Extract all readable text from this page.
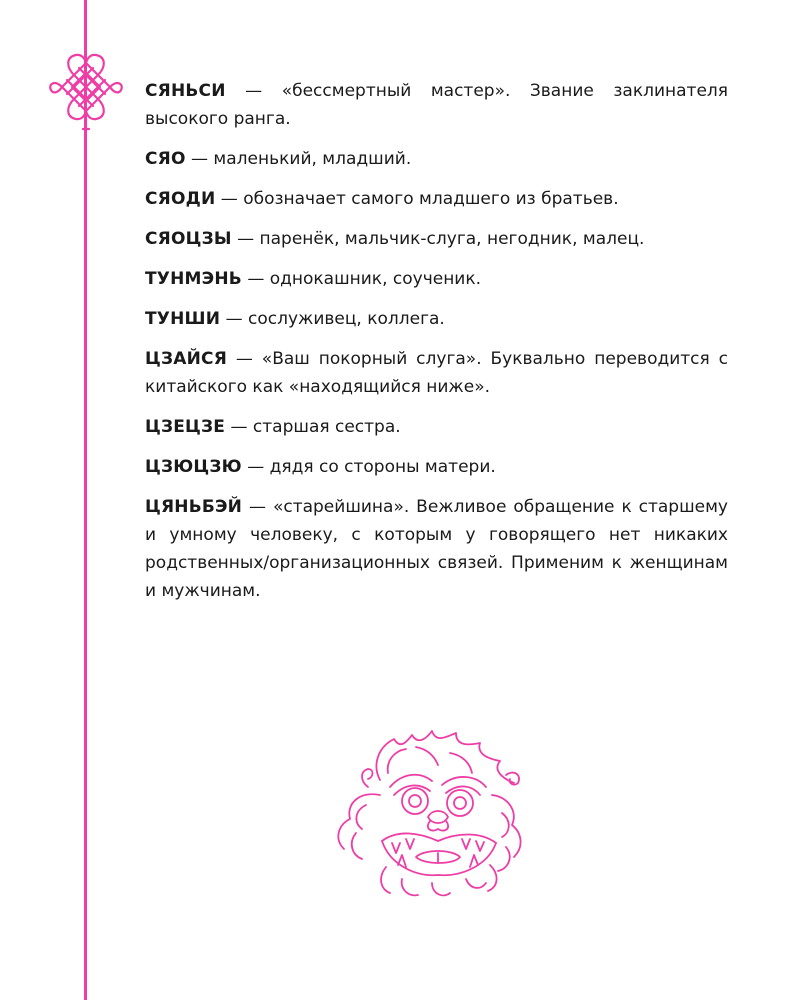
СЯНЬСИ — «бессмертный мастер». Звание заклинателя высокого ранга.

СЯО — маленький, младший.

СЯОДИ — обозначает самого младшего из братьев.

СЯОЦЗЫ — паренёк, мальчик-слуга, негодник, малец.

ТУНМЭНЬ — однокашник, соученик.

ТУНШИ — сослуживец, коллега.

ЦЗАЙСЯ — «Ваш покорный слуга». Буквально переводится с китайского как «находящийся ниже».

ЦЗЕЦЗЕ — старшая сестра.

ЦЗЮЦЗЮ — дядя со стороны матери.

ЦЯНЬБЭЙ — «старейшина». Вежливое обращение к старшему и умному человеку, с которым у говорящего нет никаких родственных/организационных связей. Применим к женщинам и мужчинам.
